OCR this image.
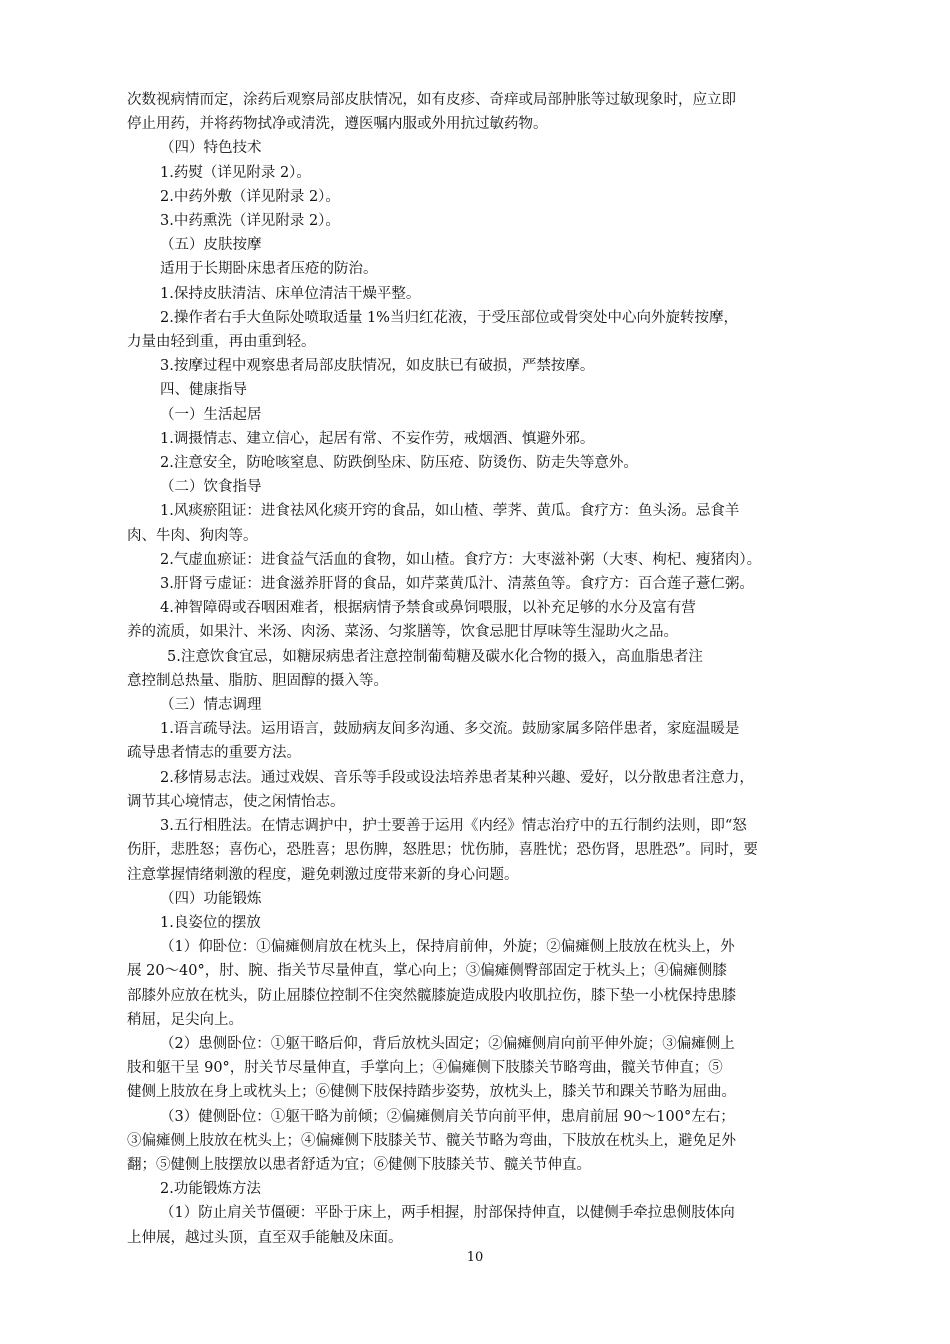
次数视病情而定，涂药后观察局部皮肤情况，如有皮疹、奇痒或局部肿胀等过敏现象时，应立即

停止用药，并将药物拭净或清洗，遵医嘱内服或外用抗过敏药物。

（四）特色技术

1.药熨（详见附录 2）。

2.中药外敷（详见附录 2）。

3.中药熏洗（详见附录 2）。

（五）皮肤按摩

适用于长期卧床患者压疮的防治。

1.保持皮肤清洁、床单位清洁干燥平整。

2.操作者右手大鱼际处喷取适量 1%当归红花液，于受压部位或骨突处中心向外旋转按摩，

力量由轻到重，再由重到轻。

3.按摩过程中观察患者局部皮肤情况，如皮肤已有破损，严禁按摩。

四、健康指导

（一）生活起居

1.调摄情志、建立信心，起居有常、不妄作劳，戒烟酒、慎避外邪。

2.注意安全，防呛咳窒息、防跌倒坠床、防压疮、防烫伤、防走失等意外。

（二）饮食指导

1.风痰瘀阻证：进食祛风化痰开窍的食品，如山楂、荸荠、黄瓜。食疗方：鱼头汤。忌食羊

肉、牛肉、狗肉等。

2.气虚血瘀证：进食益气活血的食物，如山楂。食疗方：大枣滋补粥（大枣、枸杞、瘦猪肉）。

3.肝肾亏虚证：进食滋养肝肾的食品，如芹菜黄瓜汁、清蒸鱼等。食疗方：百合莲子薏仁粥。

4.神智障碍或吞咽困难者，根据病情予禁食或鼻饲喂服，以补充足够的水分及富有营

养的流质，如果汁、米汤、肉汤、菜汤、匀浆膳等，饮食忌肥甘厚味等生湿助火之品。

5.注意饮食宜忌，如糖尿病患者注意控制葡萄糖及碳水化合物的摄入，高血脂患者注

意控制总热量、脂肪、胆固醇的摄入等。

（三）情志调理

1.语言疏导法。运用语言，鼓励病友间多沟通、多交流。鼓励家属多陪伴患者，家庭温暖是

疏导患者情志的重要方法。

2.移情易志法。通过戏娱、音乐等手段或设法培养患者某种兴趣、爱好，以分散患者注意力，

调节其心境情志，使之闲情怡志。

3.五行相胜法。在情志调护中，护士要善于运用《内经》情志治疗中的五行制约法则，即“怒

伤肝，悲胜怒；喜伤心，恐胜喜；思伤脾，怒胜思；忧伤肺，喜胜忧；恐伤肾，思胜恐”。同时，要

注意掌握情绪刺激的程度，避免刺激过度带来新的身心问题。

（四）功能锻炼

1.良姿位的摆放

（1）仰卧位：①偏瘫侧肩放在枕头上，保持肩前伸，外旋；②偏瘫侧上肢放在枕头上，外

展 20～40°，肘、腕、指关节尽量伸直，掌心向上；③偏瘫侧臀部固定于枕头上；④偏瘫侧膝

部膝外应放在枕头，防止屈膝位控制不住突然髋膝旋造成股内收肌拉伤，膝下垫一小枕保持患膝

稍屈，足尖向上。

（2）患侧卧位：①躯干略后仰，背后放枕头固定；②偏瘫侧肩向前平伸外旋；③偏瘫侧上

肢和躯干呈 90°，肘关节尽量伸直，手掌向上；④偏瘫侧下肢膝关节略弯曲，髋关节伸直；⑤

健侧上肢放在身上或枕头上；⑥健侧下肢保持踏步姿势，放枕头上，膝关节和踝关节略为屈曲。

（3）健侧卧位：①躯干略为前倾；②偏瘫侧肩关节向前平伸，患肩前屈 90～100°左右；

③偏瘫侧上肢放在枕头上；④偏瘫侧下肢膝关节、髋关节略为弯曲，下肢放在枕头上，避免足外

翻；⑤健侧上肢摆放以患者舒适为宜；⑥健侧下肢膝关节、髋关节伸直。

2.功能锻炼方法

（1）防止肩关节僵硬：平卧于床上，两手相握，肘部保持伸直，以健侧手牵拉患侧肢体向

上伸展，越过头顶，直至双手能触及床面。

10
